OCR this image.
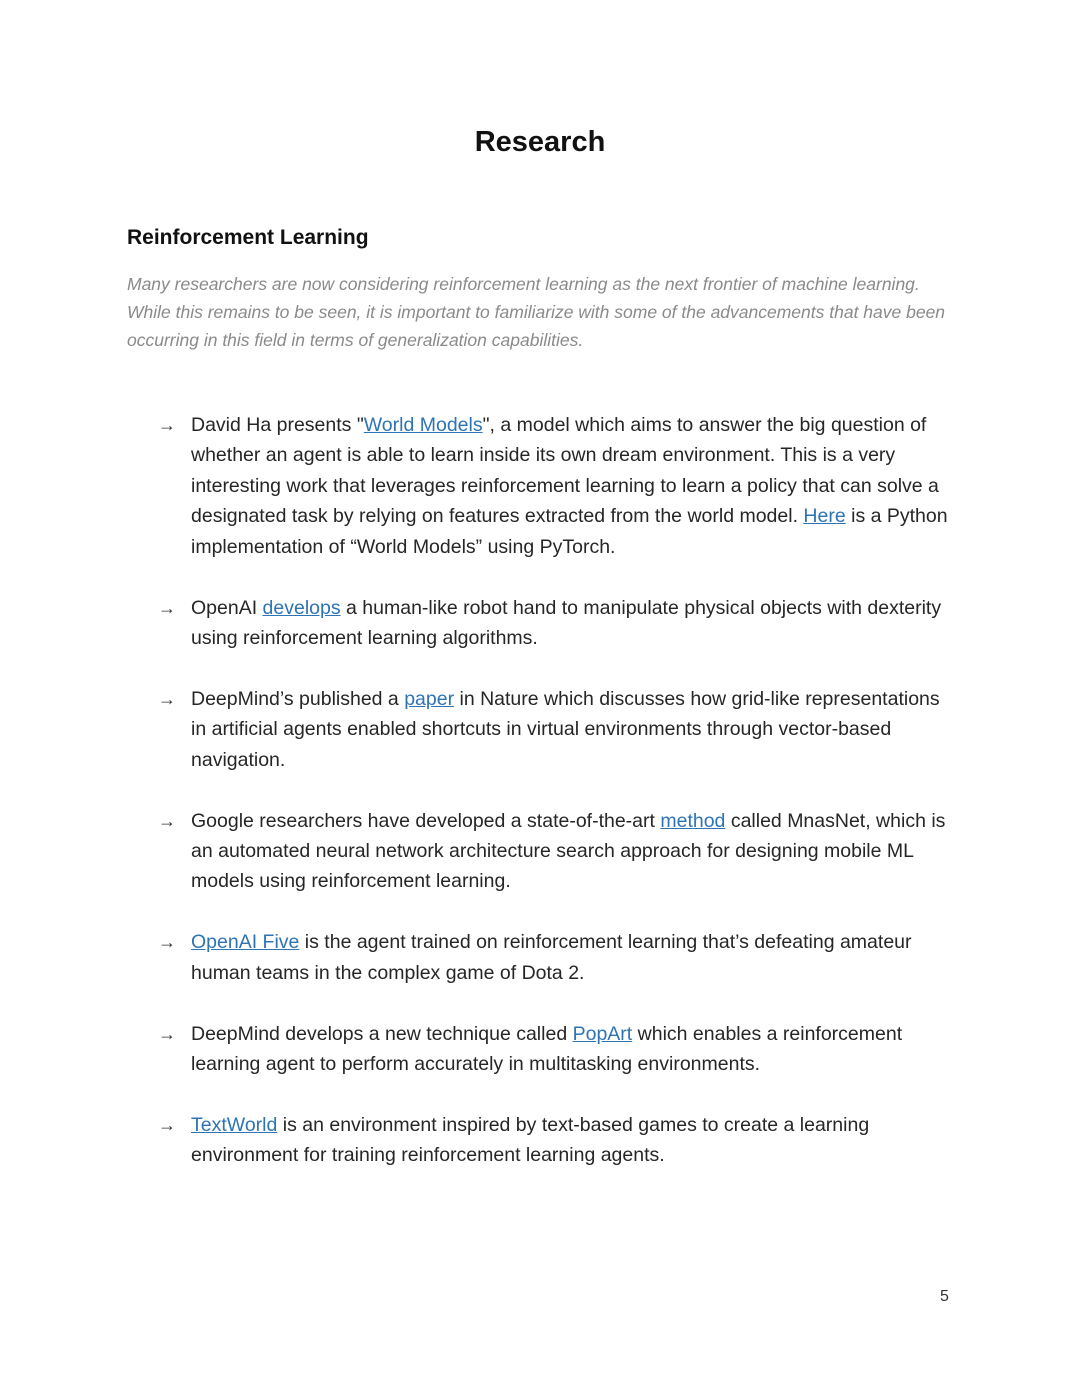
Research
Reinforcement Learning

Many researchers are now considering reinforcement learning as the next frontier of machine learning. While this remains to be seen, it is important to familiarize with some of the advancements that have been occurring in this field in terms of generalization capabilities.

→ David Ha presents "World Models", a model which aims to answer the big question of whether an agent is able to learn inside its own dream environment. This is a very interesting work that leverages reinforcement learning to learn a policy that can solve a designated task by relying on features extracted from the world model. Here is a Python implementation of “World Models” using PyTorch.
→ OpenAI develops a human-like robot hand to manipulate physical objects with dexterity using reinforcement learning algorithms.
→ DeepMind’s published a paper in Nature which discusses how grid-like representations in artificial agents enabled shortcuts in virtual environments through vector-based navigation.
→ Google researchers have developed a state-of-the-art method called MnasNet, which is an automated neural network architecture search approach for designing mobile ML models using reinforcement learning.
→ OpenAI Five is the agent trained on reinforcement learning that’s defeating amateur human teams in the complex game of Dota 2.
→ DeepMind develops a new technique called PopArt which enables a reinforcement learning agent to perform accurately in multitasking environments.
→ TextWorld is an environment inspired by text-based games to create a learning environment for training reinforcement learning agents.
5
